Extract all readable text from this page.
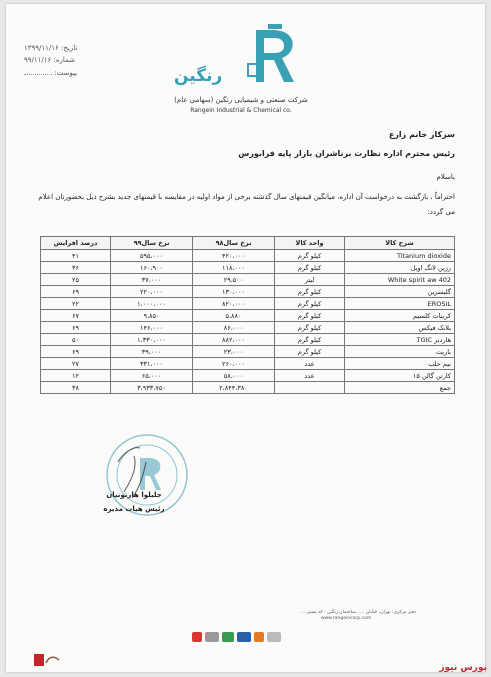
تاریخ: ۱۳۹۹/۱۱/۱۶
شماره: ۹۹/۱۱/۱۶
پیوست:	رنگین
شرکت صنعتی و شیمیایی رنگین (سهامی عام)
Rangein Industrial & Chemical co.
سرکار خانم زارع
رئیس محترم اداره نظارت برناشران بازار پایه فرابورس
باسلام
احتراماً ، بازگشت به درخواست آن اداره، میانگین قیمتهای سال گذشته برخی از مواد اولیه در مقایسه با قیمتهای جدید بشرح ذیل بحضورتان اعلام می گردد:
شرح کالا	واحد کالا	نرخ سال۹۸	نرخ سال۹۹	درصد افزایش
Titanium dioxide	کیلو گرم	۴۲۰،۰۰۰	۵۹۵،۰۰۰	۴۱
رزین لانگ اویل	کیلو گرم	۱۱۸،۰۰۰	۱۶۰،۹۰۰	۳۶
White spirit aw 402	لیتر	۲۹،۵۰۰	۳۷،۰۰۰	۲۵
گلیسرین	کیلو گرم	۱۳۰،۰۰۰	۲۲۰،۰۰۰	۶۹
EROSIL	کیلو گرم	۸۲۰،۰۰۰	۱،۰۰۰،۰۰۰	۲۲
کربنات کلسیم	کیلو گرم	۵،۸۸۰	۹،۸۵۰	۶۷
بلانک فیکس	کیلو گرم	۸۶،۰۰۰	۱۴۶،۰۰۰	۶۹
هاردنر TGIC	کیلو گرم	۸۸۲،۰۰۰	۱،۳۳۰،۰۰۰	۵۰
باریت	کیلو گرم	۲۳،۰۰۰	۳۹،۰۰۰	۶۹
نیم حلب	عدد	۲۶۰،۰۰۰	۳۳۱،۰۰۰	۲۷
کارتن گالن ۱۵	عدد	۵۸،۰۰۰	۶۵،۰۰۰	۱۲
جمع		۲،۸۴۴،۳۸۰	۳،۹۳۳،۷۵۰	۳۸
جلیلوا هارتونیان
رئیس هیات مدیره
دفتر مرکزی: تهران، خیابان ... ، ساختمان رنگین - کد پستی ...
www.rangeincorp.com
بورس نیوز
